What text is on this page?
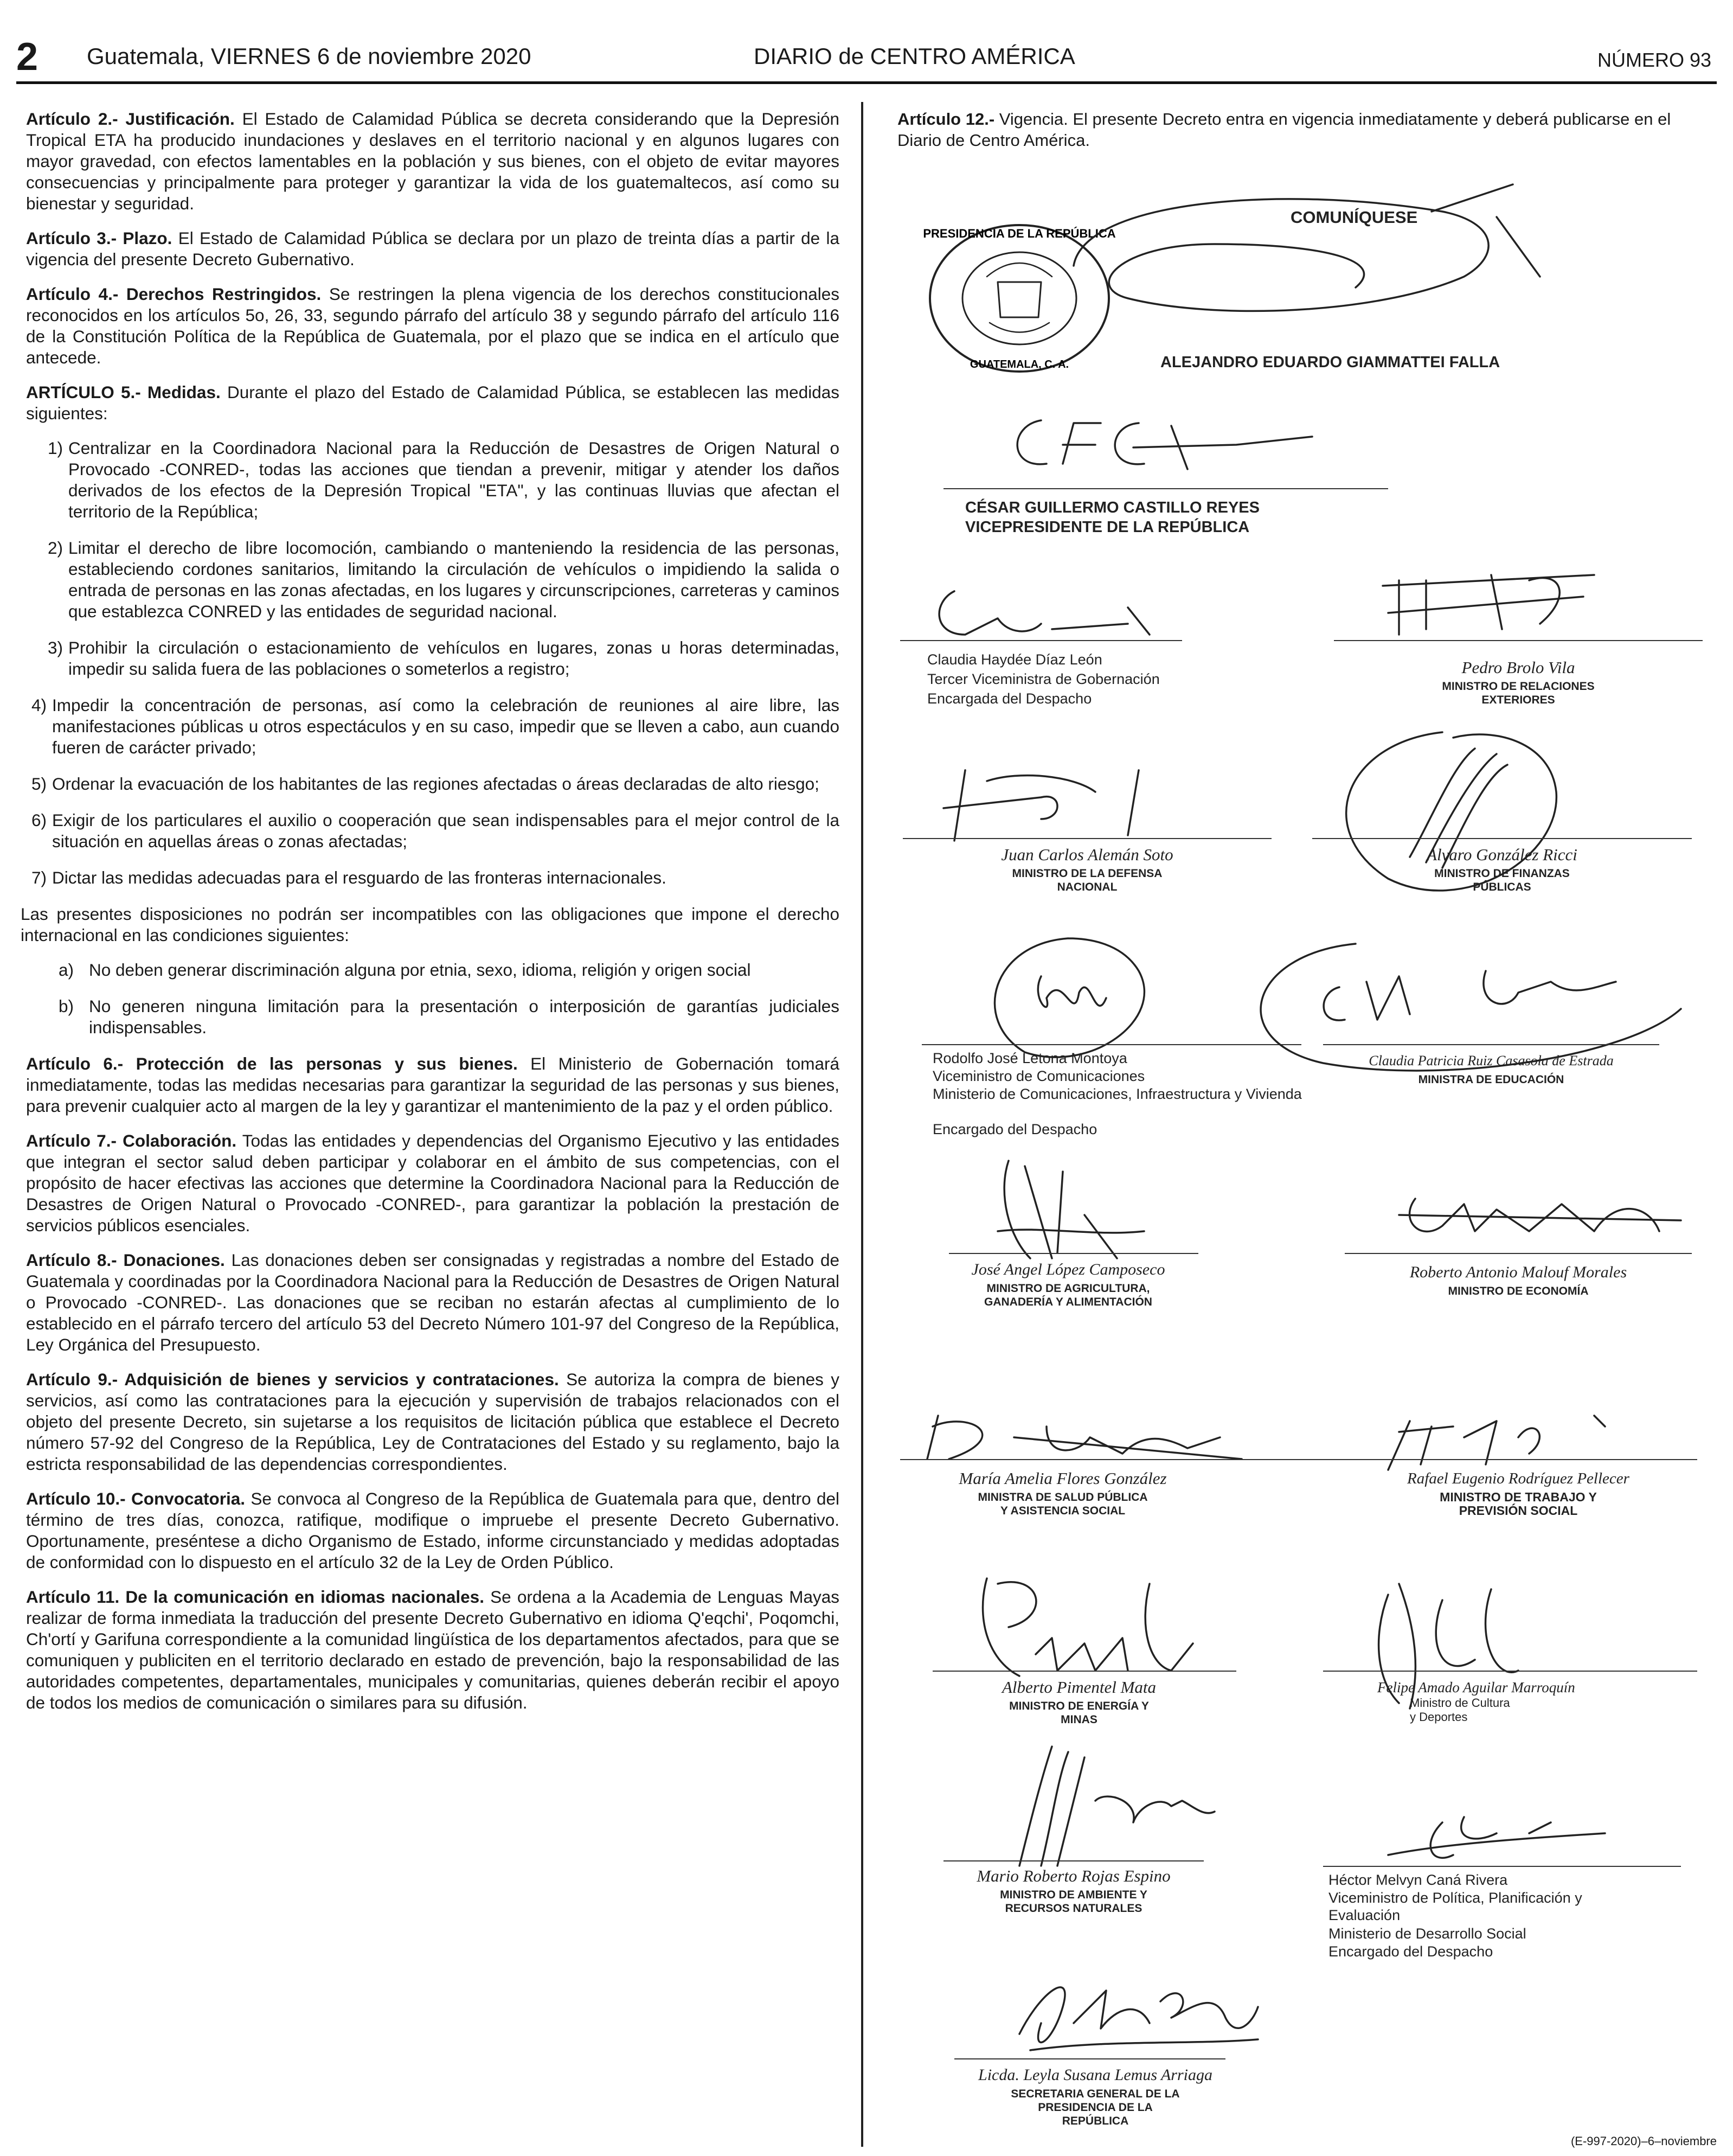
2 Guatemala, VIERNES 6 de noviembre 2020	DIARIO de CENTRO AMÉRICA	NÚMERO 93

Artículo 2.- Justificación. El Estado de Calamidad Pública se decreta considerando que la Depresión Tropical ETA ha producido inundaciones y deslaves en el territorio nacional y en algunos lugares con mayor gravedad, con efectos lamentables en la población y sus bienes, con el objeto de evitar mayores consecuencias y principalmente para proteger y garantizar la vida de los guatemaltecos, así como su bienestar y seguridad.

Artículo 3.- Plazo. El Estado de Calamidad Pública se declara por un plazo de treinta días a partir de la vigencia del presente Decreto Gubernativo.

Artículo 4.- Derechos Restringidos. Se restringen la plena vigencia de los derechos constitucionales reconocidos en los artículos 5o, 26, 33, segundo párrafo del artículo 38 y segundo párrafo del artículo 116 de la Constitución Política de la República de Guatemala, por el plazo que se indica en el artículo que antecede.

ARTÍCULO 5.- Medidas. Durante el plazo del Estado de Calamidad Pública, se establecen las medidas siguientes:

1) Centralizar en la Coordinadora Nacional para la Reducción de Desastres de Origen Natural o Provocado -CONRED-, todas las acciones que tiendan a prevenir, mitigar y atender los daños derivados de los efectos de la Depresión Tropical "ETA", y las continuas lluvias que afectan el territorio de la República;
2) Limitar el derecho de libre locomoción, cambiando o manteniendo la residencia de las personas, estableciendo cordones sanitarios, limitando la circulación de vehículos o impidiendo la salida o entrada de personas en las zonas afectadas, en los lugares y circunscripciones, carreteras y caminos que establezca CONRED y las entidades de seguridad nacional.
3) Prohibir la circulación o estacionamiento de vehículos en lugares, zonas u horas determinadas, impedir su salida fuera de las poblaciones o someterlos a registro;
4) Impedir la concentración de personas, así como la celebración de reuniones al aire libre, las manifestaciones públicas u otros espectáculos y en su caso, impedir que se lleven a cabo, aun cuando fueren de carácter privado;
5) Ordenar la evacuación de los habitantes de las regiones afectadas o áreas declaradas de alto riesgo;
6) Exigir de los particulares el auxilio o cooperación que sean indispensables para el mejor control de la situación en aquellas áreas o zonas afectadas;
7) Dictar las medidas adecuadas para el resguardo de las fronteras internacionales.

Las presentes disposiciones no podrán ser incompatibles con las obligaciones que impone el derecho internacional en las condiciones siguientes:

a) No deben generar discriminación alguna por etnia, sexo, idioma, religión y origen social
b) No generen ninguna limitación para la presentación o interposición de garantías judiciales indispensables.

Artículo 6.- Protección de las personas y sus bienes. El Ministerio de Gobernación tomará inmediatamente, todas las medidas necesarias para garantizar la seguridad de las personas y sus bienes, para prevenir cualquier acto al margen de la ley y garantizar el mantenimiento de la paz y el orden público.

Artículo 7.- Colaboración. Todas las entidades y dependencias del Organismo Ejecutivo y las entidades que integran el sector salud deben participar y colaborar en el ámbito de sus competencias, con el propósito de hacer efectivas las acciones que determine la Coordinadora Nacional para la Reducción de Desastres de Origen Natural o Provocado -CONRED-, para garantizar la población la prestación de servicios públicos esenciales.

Artículo 8.- Donaciones. Las donaciones deben ser consignadas y registradas a nombre del Estado de Guatemala y coordinadas por la Coordinadora Nacional para la Reducción de Desastres de Origen Natural o Provocado -CONRED-. Las donaciones que se reciban no estarán afectas al cumplimiento de lo establecido en el párrafo tercero del artículo 53 del Decreto Número 101-97 del Congreso de la República, Ley Orgánica del Presupuesto.

Artículo 9.- Adquisición de bienes y servicios y contrataciones. Se autoriza la compra de bienes y servicios, así como las contrataciones para la ejecución y supervisión de trabajos relacionados con el objeto del presente Decreto, sin sujetarse a los requisitos de licitación pública que establece el Decreto número 57-92 del Congreso de la República, Ley de Contrataciones del Estado y su reglamento, bajo la estricta responsabilidad de las dependencias correspondientes.

Artículo 10.- Convocatoria. Se convoca al Congreso de la República de Guatemala para que, dentro del término de tres días, conozca, ratifique, modifique o impruebe el presente Decreto Gubernativo. Oportunamente, preséntese a dicho Organismo de Estado, informe circunstanciado y medidas adoptadas de conformidad con lo dispuesto en el artículo 32 de la Ley de Orden Público.

Artículo 11. De la comunicación en idiomas nacionales. Se ordena a la Academia de Lenguas Mayas realizar de forma inmediata la traducción del presente Decreto Gubernativo en idioma Q'eqchi', Poqomchi, Ch'ortí y Garifuna correspondiente a la comunidad lingüística de los departamentos afectados, para que se comuniquen y publiciten en el territorio declarado en estado de prevención, bajo la responsabilidad de las autoridades competentes, departamentales, municipales y comunitarias, quienes deberán recibir el apoyo de todos los medios de comunicación o similares para su difusión.

Artículo 12.- Vigencia. El presente Decreto entra en vigencia inmediatamente y deberá publicarse en el Diario de Centro América.
PRESIDENCIA DE LA REPÚBLICA
GUATEMALA, C. A.
COMUNÍQUESE
ALEJANDRO EDUARDO GIAMMATTEI FALLA
CÉSAR GUILLERMO CASTILLO REYES
VICEPRESIDENTE DE LA REPÚBLICA
Claudia Haydée Díaz León
Tercer Viceministra de Gobernación
Encargada del Despacho
Pedro Brolo Vila
MINISTRO DE RELACIONES EXTERIORES
Juan Carlos Alemán Soto
MINISTRO DE LA DEFENSA NACIONAL
Alvaro González Ricci
MINISTRO DE FINANZAS PÚBLICAS
Rodolfo José Letona Montoya
Viceministro de Comunicaciones
Ministerio de Comunicaciones, Infraestructura y Vivienda
Encargado del Despacho
Claudia Patricia Ruiz Casasola de Estrada
MINISTRA DE EDUCACIÓN
José Angel López Camposeco
MINISTRO DE AGRICULTURA, GANADERÍA Y ALIMENTACIÓN
Roberto Antonio Malouf Morales
MINISTRO DE ECONOMÍA
María Amelia Flores González
MINISTRA DE SALUD PÚBLICA Y ASISTENCIA SOCIAL
Rafael Eugenio Rodríguez Pellecer
MINISTRO DE TRABAJO Y PREVISIÓN SOCIAL
Alberto Pimentel Mata
MINISTRO DE ENERGÍA Y MINAS
Felipe Amado Aguilar Marroquín
Ministro de Cultura
y Deportes
Mario Roberto Rojas Espino
MINISTRO DE AMBIENTE Y RECURSOS NATURALES
Héctor Melvyn Caná Rivera
Viceministro de Política, Planificación y Evaluación
Ministerio de Desarrollo Social
Encargado del Despacho
Licda. Leyla Susana Lemus Arriaga
SECRETARIA GENERAL DE LA PRESIDENCIA DE LA REPÚBLICA
(E-997-2020)–6–noviembre
